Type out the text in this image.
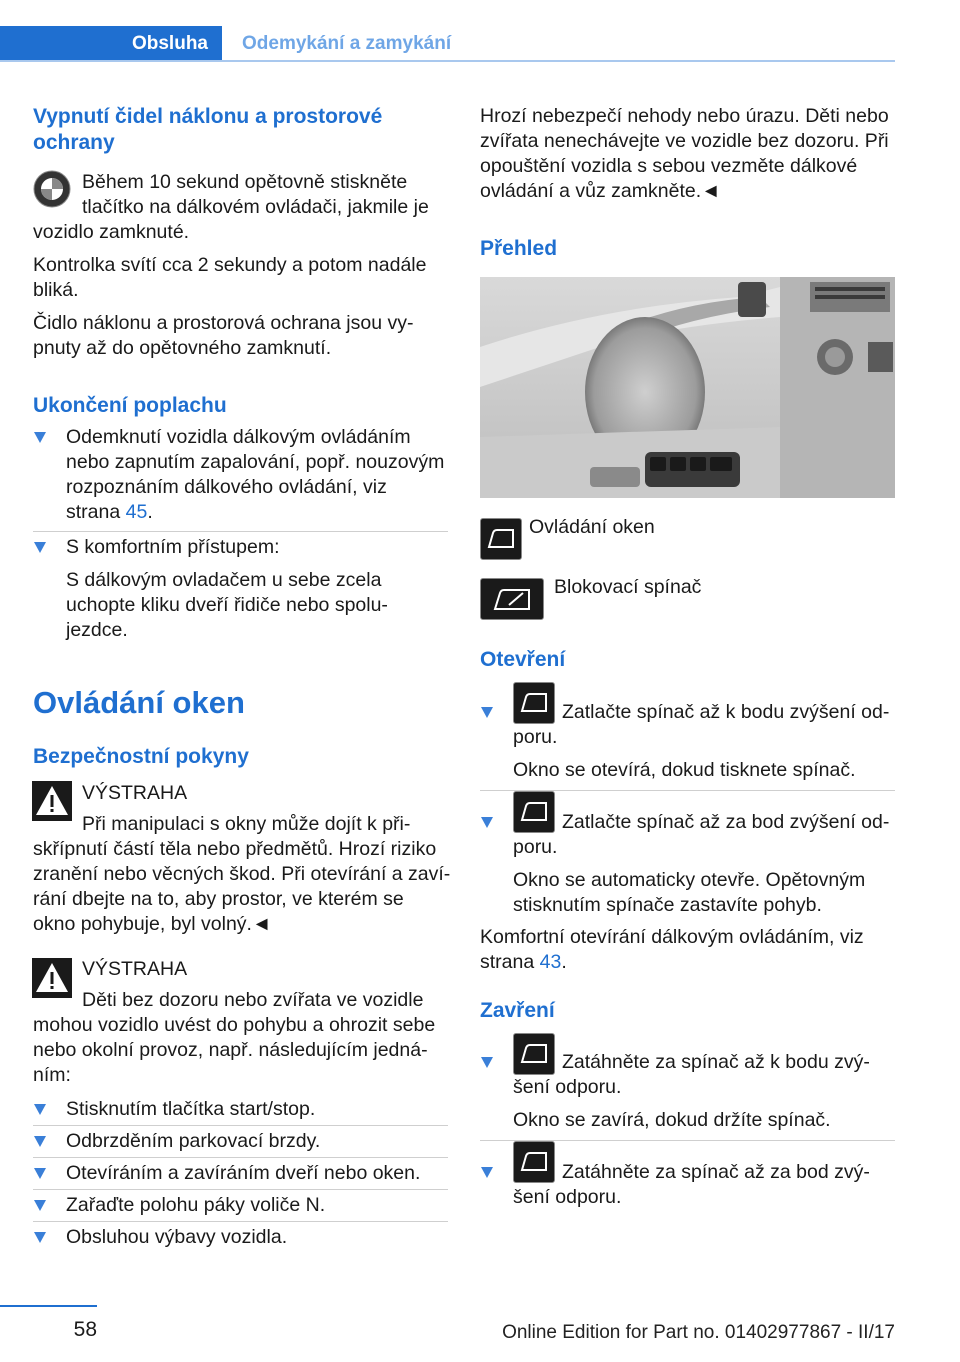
Obsluha	Odemykání a zamykání
Vypnutí čidel náklonu a prostorové
ochrany

Během 10 sekund opětovně stiskněte

tlačítko na dálkovém ovládači, jakmile je

vozidlo zamknuté.

Kontrolka svítí cca 2 sekundy a potom nadále

bliká.

Čidlo náklonu a prostorová ochrana jsou vy‐

pnuty až do opětovného zamknutí.

Ukončení poplachu

Odemknutí vozidla dálkovým ovládáním

nebo zapnutím zapalování, popř. nouzovým

rozpoznáním dálkového ovládání, viz

strana 45.

S komfortním přístupem:

S dálkovým ovladačem u sebe zcela

uchopte kliku dveří řidiče nebo spolu‐

jezdce.

Ovládání oken
Bezpečnostní pokyny

VÝSTRAHA

Při manipulaci s okny může dojít k při‐

skřípnutí částí těla nebo předmětů. Hrozí riziko

zranění nebo věcných škod. Při otevírání a zaví‐

rání dbejte na to, aby prostor, ve kterém se

okno pohybuje, byl volný.◄

VÝSTRAHA

Děti bez dozoru nebo zvířata ve vozidle

mohou vozidlo uvést do pohybu a ohrozit sebe

nebo okolní provoz, např. následujícím jedná‐

ním:

Stisknutím tlačítka start/stop.
Odbrzděním parkovací brzdy.
Otevíráním a zavíráním dveří nebo oken.
Zařaďte polohu páky voliče N.
Obsluhou výbavy vozidla.

Hrozí nebezpečí nehody nebo úrazu. Děti nebo

zvířata nenechávejte ve vozidle bez dozoru. Při

opouštění vozidla s sebou vezměte dálkové

ovládání a vůz zamkněte.◄

Přehled
Ovládání oken
Blokovací spínač
Otevření
Zatlačte spínač až k bodu zvýšení od‐

poru.

Okno se otevírá, dokud tisknete spínač.

Zatlačte spínač až za bod zvýšení od‐

poru.

Okno se automaticky otevře. Opětovným

stisknutím spínače zastavíte pohyb.

Komfortní otevírání dálkovým ovládáním, viz

strana 43.

Zavření
Zatáhněte za spínač až k bodu zvý‐

šení odporu.

Okno se zavírá, dokud držíte spínač.

Zatáhněte za spínač až za bod zvý‐

šení odporu.

58	Online Edition for Part no. 01402977867 - II/17
